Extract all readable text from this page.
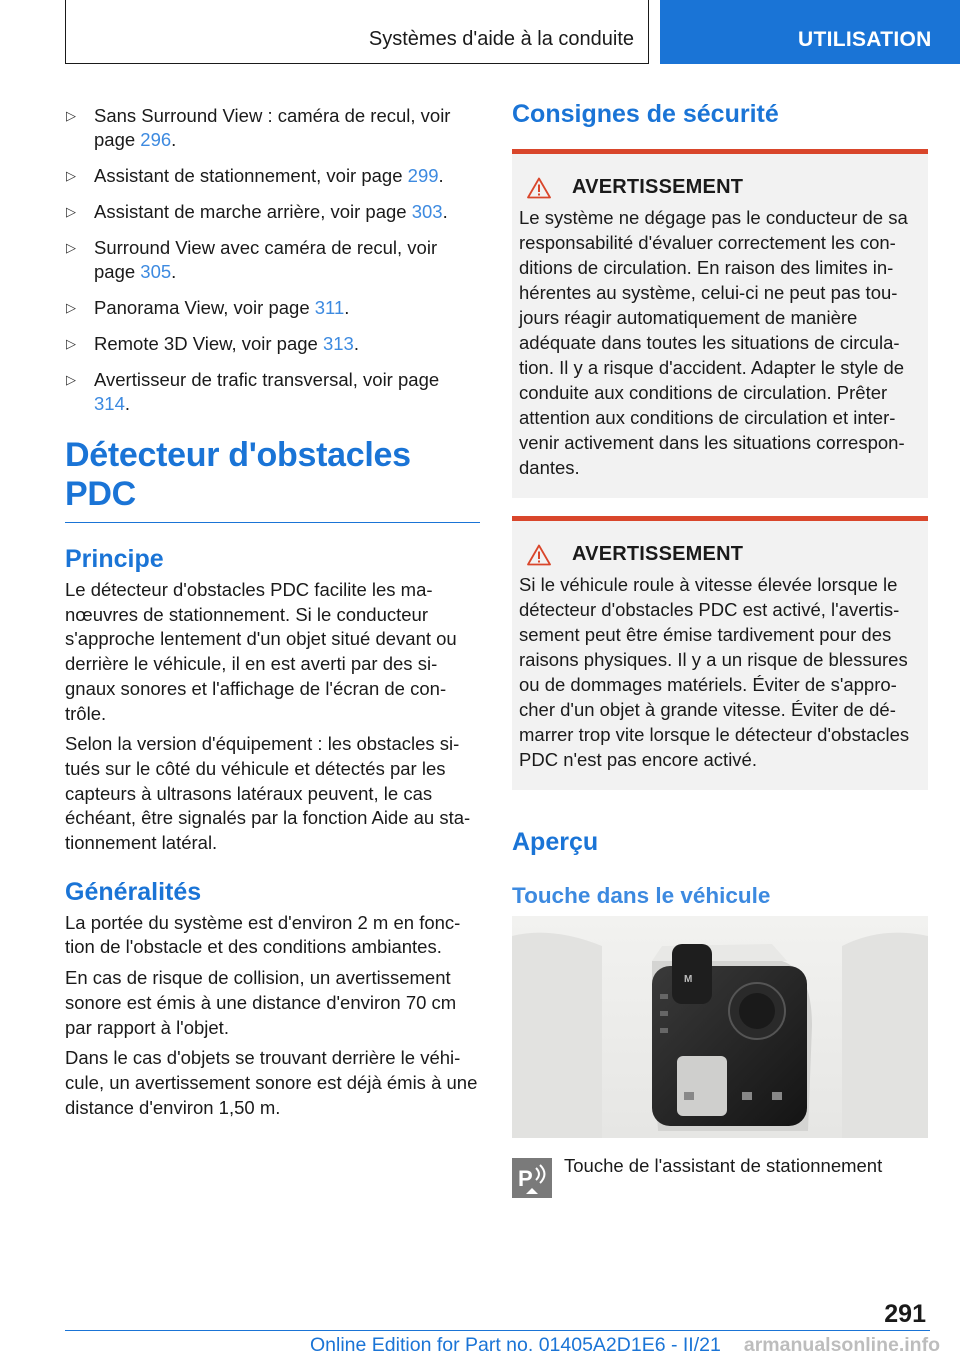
Systèmes d'aide à la conduite	UTILISATION
▷ Sans Surround View : caméra de recul, voir page 296.
▷ Assistant de stationnement, voir page 299.
▷ Assistant de marche arrière, voir page 303.
▷ Surround View avec caméra de recul, voir page 305.
▷ Panorama View, voir page 311.
▷ Remote 3D View, voir page 313.
▷ Avertisseur de trafic transversal, voir page 314.
Détecteur d'obstacles PDC
Principe

Le détecteur d'obstacles PDC facilite les manœuvres de stationnement. Si le conducteur s'approche lentement d'un objet situé devant ou derrière le véhicule, il en est averti par des signaux sonores et l'affichage de l'écran de contrôle.

Selon la version d'équipement : les obstacles situés sur le côté du véhicule et détectés par les capteurs à ultrasons latéraux peuvent, le cas échéant, être signalés par la fonction Aide au stationnement latéral.

Généralités

La portée du système est d'environ 2 m en fonction de l'obstacle et des conditions ambiantes.

En cas de risque de collision, un avertissement sonore est émis à une distance d'environ 70 cm par rapport à l'objet.

Dans le cas d'objets se trouvant derrière le véhicule, un avertissement sonore est déjà émis à une distance d'environ 1,50 m.

Consignes de sécurité
AVERTISSEMENT

Le système ne dégage pas le conducteur de sa responsabilité d'évaluer correctement les conditions de circulation. En raison des limites inhérentes au système, celui-ci ne peut pas toujours réagir automatiquement de manière adéquate dans toutes les situations de circulation. Il y a risque d'accident. Adapter le style de conduite aux conditions de circulation. Prêter attention aux conditions de circulation et intervenir activement dans les situations correspondantes.

AVERTISSEMENT

Si le véhicule roule à vitesse élevée lorsque le détecteur d'obstacles PDC est activé, l'avertissement peut être émise tardivement pour des raisons physiques. Il y a un risque de blessures ou de dommages matériels. Éviter de s'approcher d'un objet à grande vitesse. Éviter de démarrer trop vite lorsque le détecteur d'obstacles PDC n'est pas encore activé.

Aperçu
Touche dans le véhicule
M
P
Touche de l'assistant de stationnement
291
Online Edition for Part no. 01405A2D1E6 - II/21 armanualsonline.info
